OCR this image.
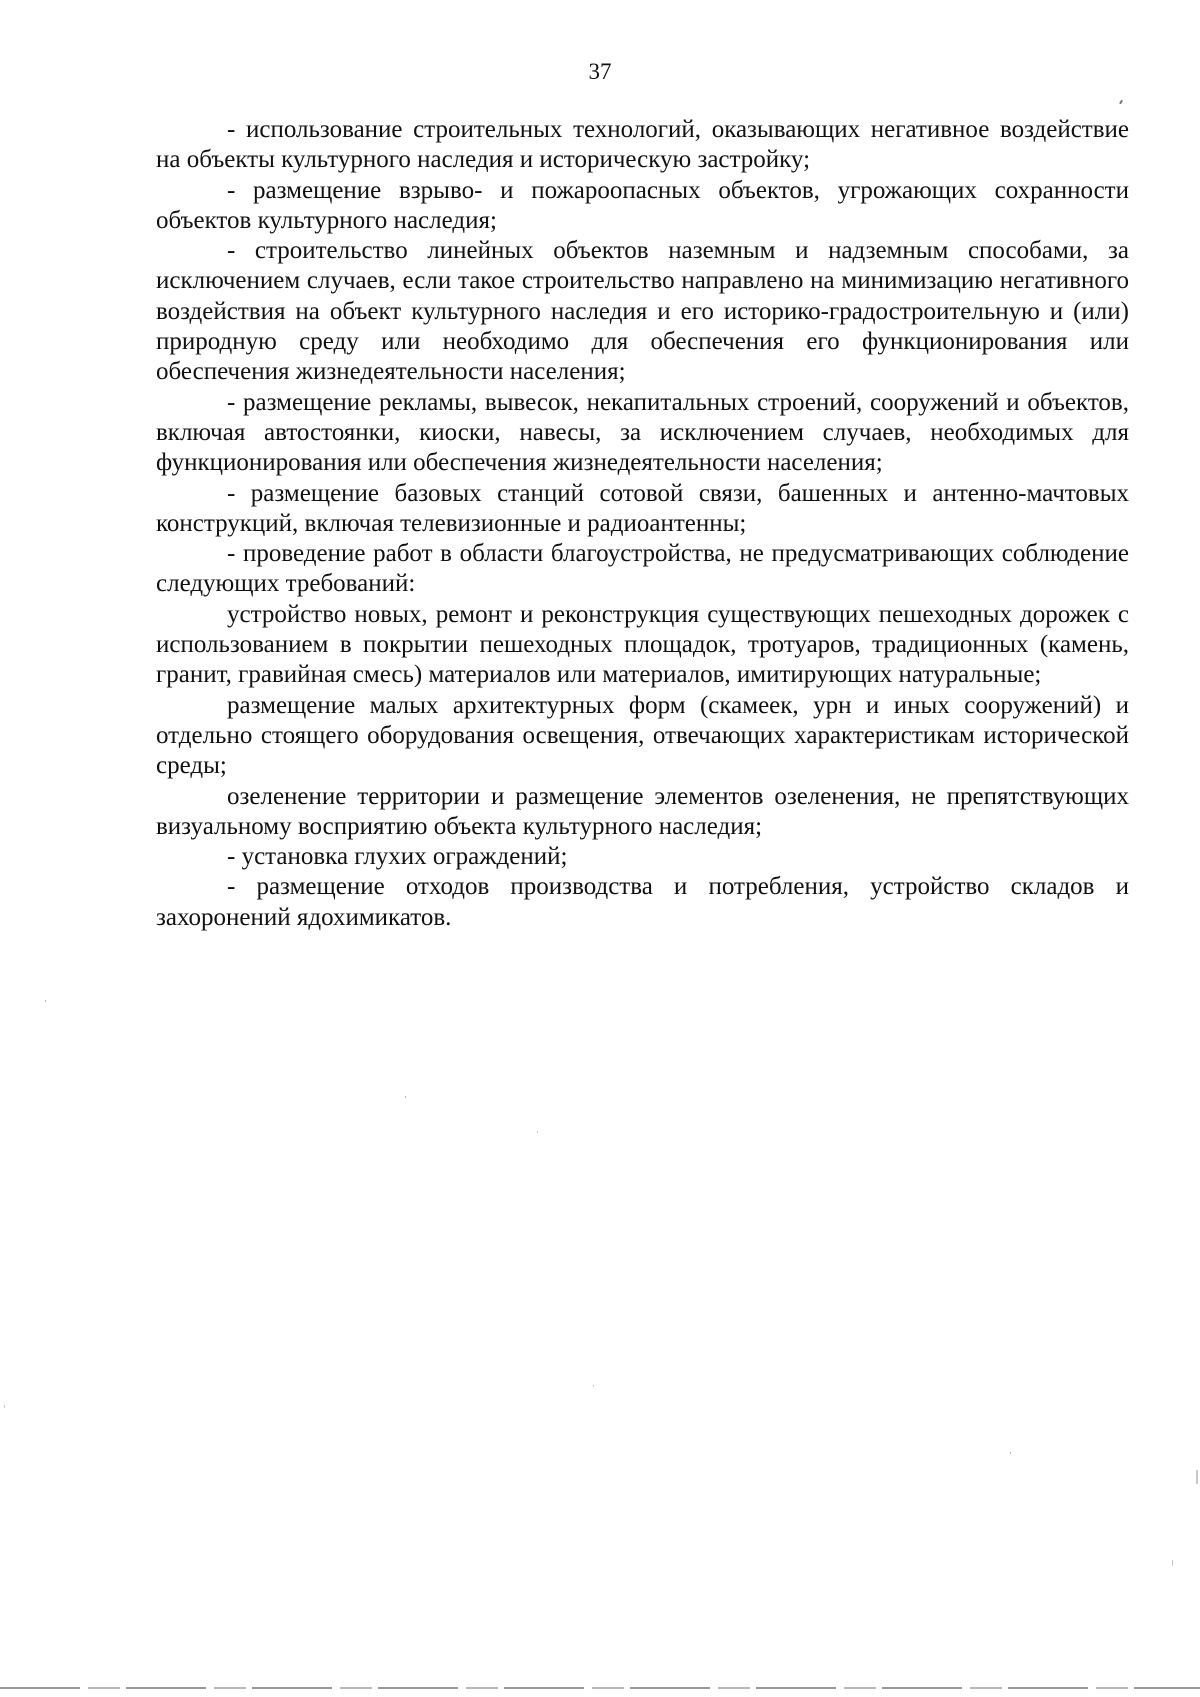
37

- использование строительных технологий, оказывающих негативное воздействие на объекты культурного наследия и историческую застройку;

- размещение взрыво- и пожароопасных объектов, угрожающих сохранности объектов культурного наследия;

- строительство линейных объектов наземным и надземным способами, за исключением случаев, если такое строительство направлено на минимизацию негативного воздействия на объект культурного наследия и его историко-градостроительную и (или) природную среду или необходимо для обеспечения его функционирования или обеспечения жизнедеятельности населения;

- размещение рекламы, вывесок, некапитальных строений, сооружений и объектов, включая автостоянки, киоски, навесы, за исключением случаев, необходимых для функционирования или обеспечения жизнедеятельности населения;

- размещение базовых станций сотовой связи, башенных и антенно-мачтовых конструкций, включая телевизионные и радиоантенны;

- проведение работ в области благоустройства, не предусматривающих соблюдение следующих требований:

устройство новых, ремонт и реконструкция существующих пешеходных дорожек с использованием в покрытии пешеходных площадок, тротуаров, традиционных (камень, гранит, гравийная смесь) материалов или материалов, имитирующих натуральные;

размещение малых архитектурных форм (скамеек, урн и иных сооружений) и отдельно стоящего оборудования освещения, отвечающих характеристикам исторической среды;

озеленение территории и размещение элементов озеленения, не препятствующих визуальному восприятию объекта культурного наследия;

- установка глухих ограждений;

- размещение отходов производства и потребления, устройство складов и захоронений ядохимикатов.
